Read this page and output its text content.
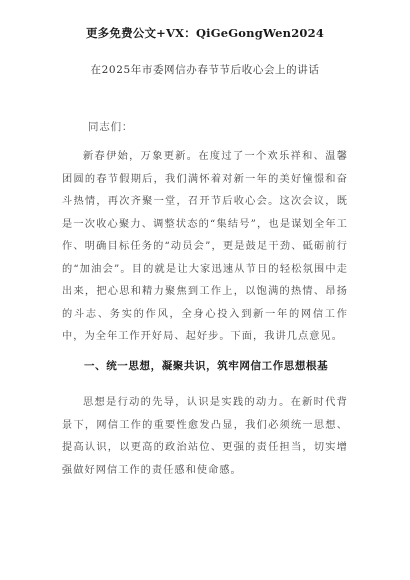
更多免费公文+VX：QiGeGongWen2024
在2025年市委网信办春节节后收心会上的讲话
同志们：

新春伊始，万象更新。在度过了一个欢乐祥和、温馨团圆的春节假期后，我们满怀着对新一年的美好憧憬和奋斗热情，再次齐聚一堂，召开节后收心会。这次会议，既是一次收心聚力、调整状态的“集结号”，也是谋划全年工作、明确目标任务的“动员会”，更是鼓足干劲、砥砺前行的“加油会”。目的就是让大家迅速从节日的轻松氛围中走出来，把心思和精力聚焦到工作上，以饱满的热情、昂扬的斗志、务实的作风，全身心投入到新一年的网信工作中，为全年工作开好局、起好步。下面，我讲几点意见。

一、统一思想，凝聚共识，筑牢网信工作思想根基

思想是行动的先导，认识是实践的动力。在新时代背景下，网信工作的重要性愈发凸显，我们必须统一思想、提高认识，以更高的政治站位、更强的责任担当，切实增强做好网信工作的责任感和使命感。
